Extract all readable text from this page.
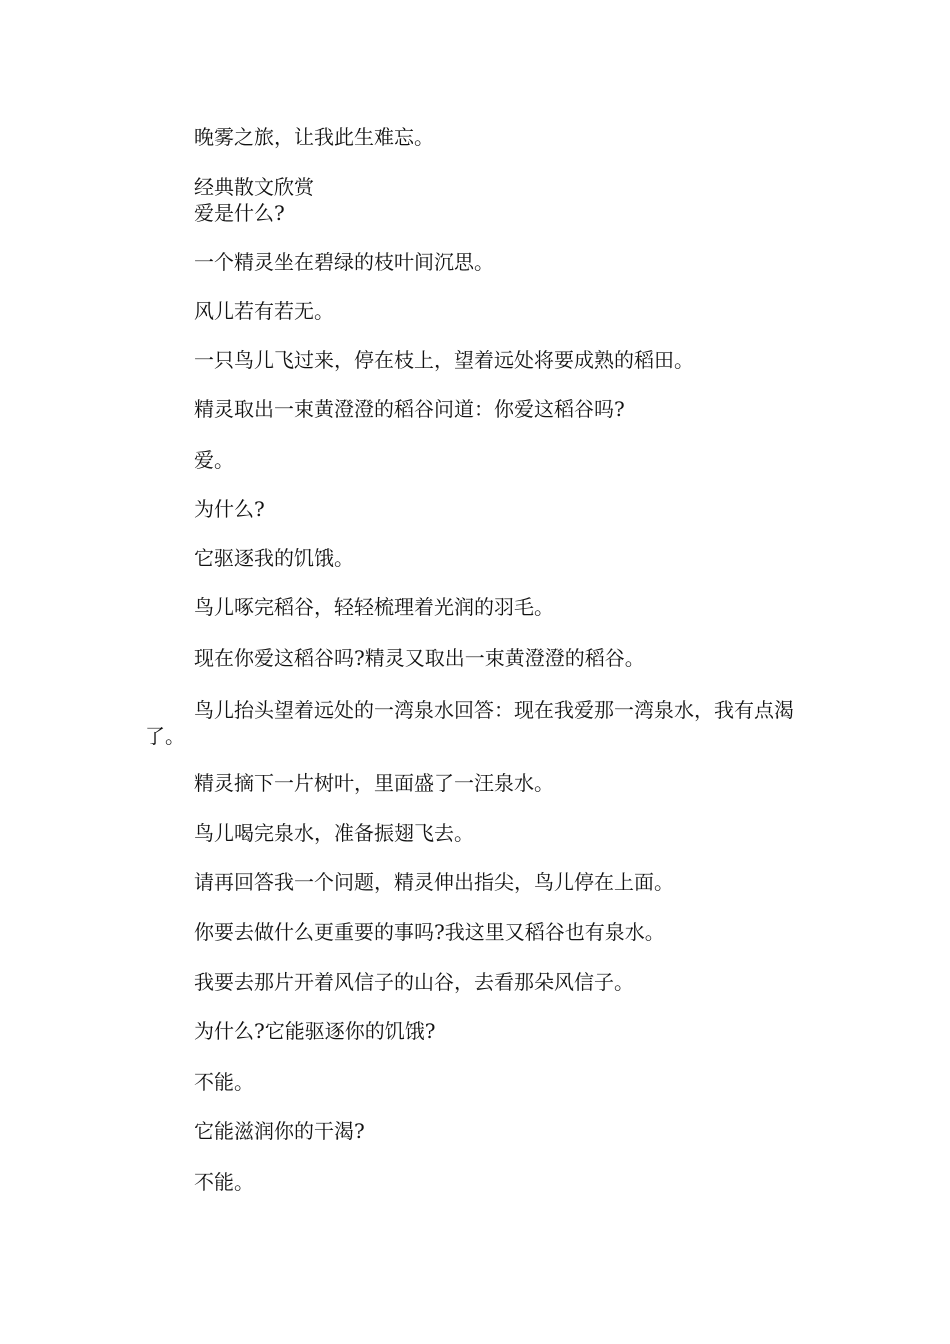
晚雾之旅，让我此生难忘。
经典散文欣赏
爱是什么?
一个精灵坐在碧绿的枝叶间沉思。
风儿若有若无。
一只鸟儿飞过来，停在枝上，望着远处将要成熟的稻田。
精灵取出一束黄澄澄的稻谷问道：你爱这稻谷吗?
爱。
为什么?
它驱逐我的饥饿。
鸟儿啄完稻谷，轻轻梳理着光润的羽毛。
现在你爱这稻谷吗?精灵又取出一束黄澄澄的稻谷。
鸟儿抬头望着远处的一湾泉水回答：现在我爱那一湾泉水，我有点渴了。
精灵摘下一片树叶，里面盛了一汪泉水。
鸟儿喝完泉水，准备振翅飞去。
请再回答我一个问题，精灵伸出指尖，鸟儿停在上面。
你要去做什么更重要的事吗?我这里又稻谷也有泉水。
我要去那片开着风信子的山谷，去看那朵风信子。
为什么?它能驱逐你的饥饿?
不能。
它能滋润你的干渴?
不能。
